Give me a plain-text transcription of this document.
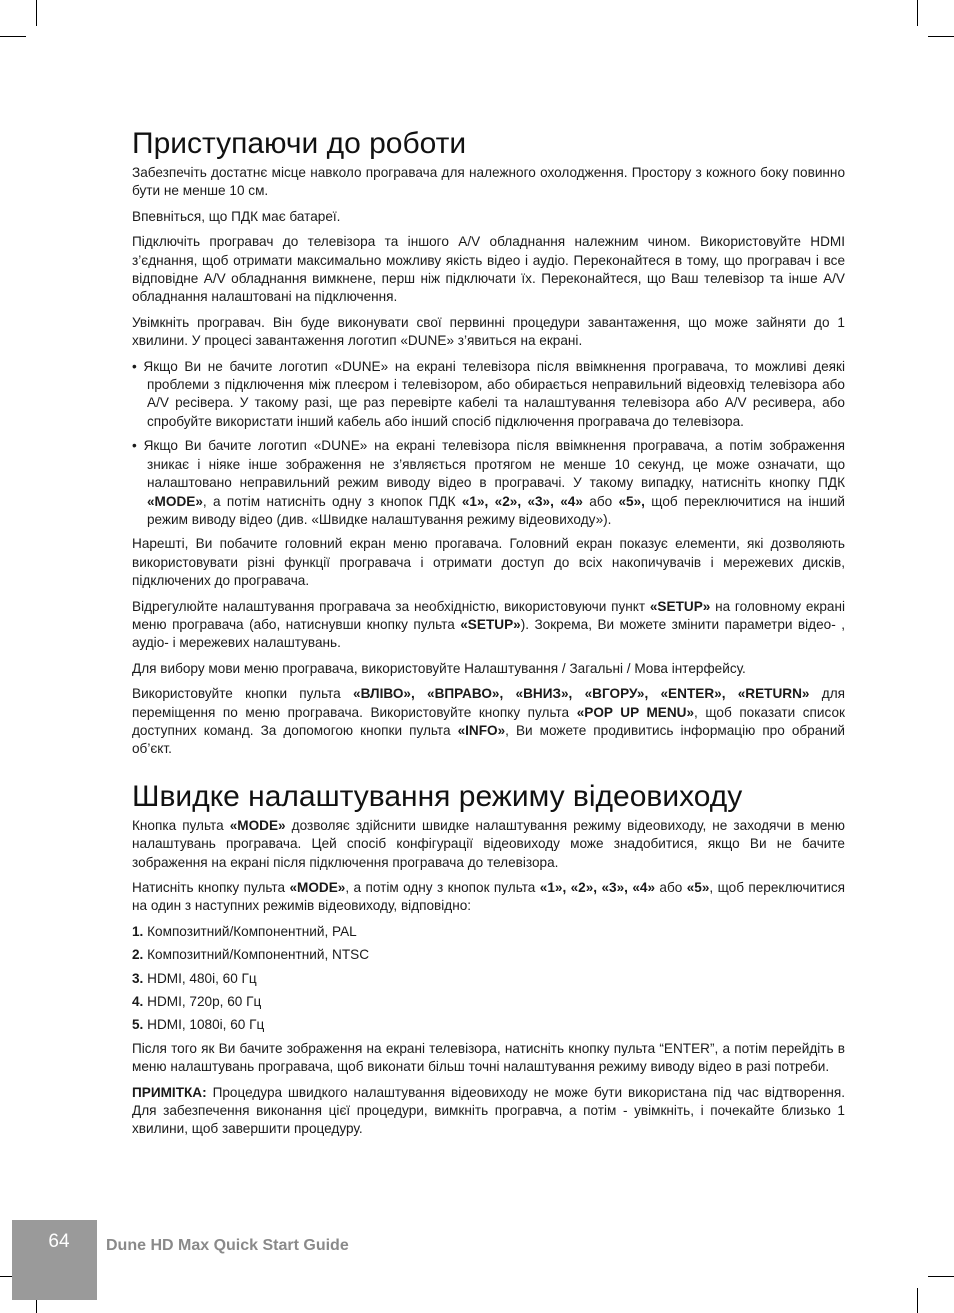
Приступаючи до роботи

Забезпечіть достатнє місце навколо програвача для належного охолодження. Простору з кожного боку повинно бути не менше 10 см.

Впевніться, що ПДК має батареї.

Підключіть програвач до телевізора та іншого A/V обладнання належним чином. Використовуйте HDMI з’єднання, щоб отримати максимально можливу якість відео і аудіо. Переконайтеся в тому, що програвач і все відповідне A/V обладнання вимкнене, перш ніж підключати їх. Переконайтеся, що Ваш телевізор та інше A/V обладнання налаштовані на підключення.

Увімкніть програвач. Він буде виконувати свої первинні процедури завантаження, що може зайняти до 1 хвилини. У процесі завантаження логотип «DUNE» з’явиться на екрані.

• Якщо Ви не бачите логотип «DUNE» на екрані телевізора після ввімкнення програвача, то можливі деякі проблеми з підключення між плеєром і телевізором, або обирається неправильний відеовхід телевізора або A/V ресівера. У такому разі, ще раз перевірте кабелі та налаштування телевізора або A/V ресивера, або спробуйте використати інший кабель або інший спосіб підключення програвача до телевізора.

• Якщо Ви бачите логотип «DUNE» на екрані телевізора після ввімкнення програвача, а потім зображення зникає і ніяке інше зображення не з’являється протягом не менше 10 секунд, це може означати, що налаштовано неправильний режим виводу відео в програвачі. У такому випадку, натисніть кнопку ПДК «MODE», а потім натисніть одну з кнопок ПДК «1», «2», «3», «4» або «5», щоб переключитися на інший режим виводу відео (див. «Швидке налаштування режиму відеовиходу»).

Нарешті, Ви побачите головний екран меню прогавача. Головний екран показує елементи, які дозволяють використовувати різні функції програвача і отримати доступ до всіх накопичувачів і мережевих дисків, підключених до програвача.

Відрегулюйте налаштування програвача за необхідністю, використовуючи пункт «SETUP» на головному екрані меню програвача (або, натиснувши кнопку пульта «SETUP»). Зокрема, Ви можете змінити параметри відео- , аудіо- і мережевих налаштувань.

Для вибору мови меню програвача, використовуйте Налаштування / Загальні / Мова інтерфейсу.

Використовуйте кнопки пульта «ВЛІВО», «ВПРАВО», «ВНИЗ», «ВГОРУ», «ENTER», «RETURN» для переміщення по меню програвача. Використовуйте кнопку пульта «POP UP MENU», щоб показати список доступних команд. За допомогою кнопки пульта «INFO», Ви можете продивитись інформацію про обраний об’єкт.

Швидке налаштування режиму відеовиходу

Кнопка пульта «MODE» дозволяє здійснити швидке налаштування режиму відеовиходу, не заходячи в меню налаштувань програвача. Цей спосіб конфігурації відеовиходу може знадобитися, якщо Ви не бачите зображення на екрані після підключення програвача до телевізора.

Натисніть кнопку пульта «MODE», а потім одну з кнопок пульта «1», «2», «3», «4» або «5», щоб переключитися на один з наступних режимів відеовиходу, відповідно:

1. Композитний/Компонентний, PAL

2. Композитний/Компонентний, NTSC

3. HDMI, 480i, 60 Гц

4. HDMI, 720p, 60 Гц

5. HDMI, 1080i, 60 Гц

Після того як Ви бачите зображення на екрані телевізора, натисніть кнопку пульта “ENTER”, а потім перейдіть в меню налаштувань програвача, щоб виконати більш точні налаштування режиму виводу відео в разі потреби.

ПРИМІТКА: Процедура швидкого налаштування відеовиходу не може бути використана під час відтворення. Для забезпечення виконання цієї процедури, вимкніть програвча, а потім - увімкніть, і почекайте близько 1 хвилини, щоб завершити процедуру.

64	Dune HD Max Quick Start Guide
